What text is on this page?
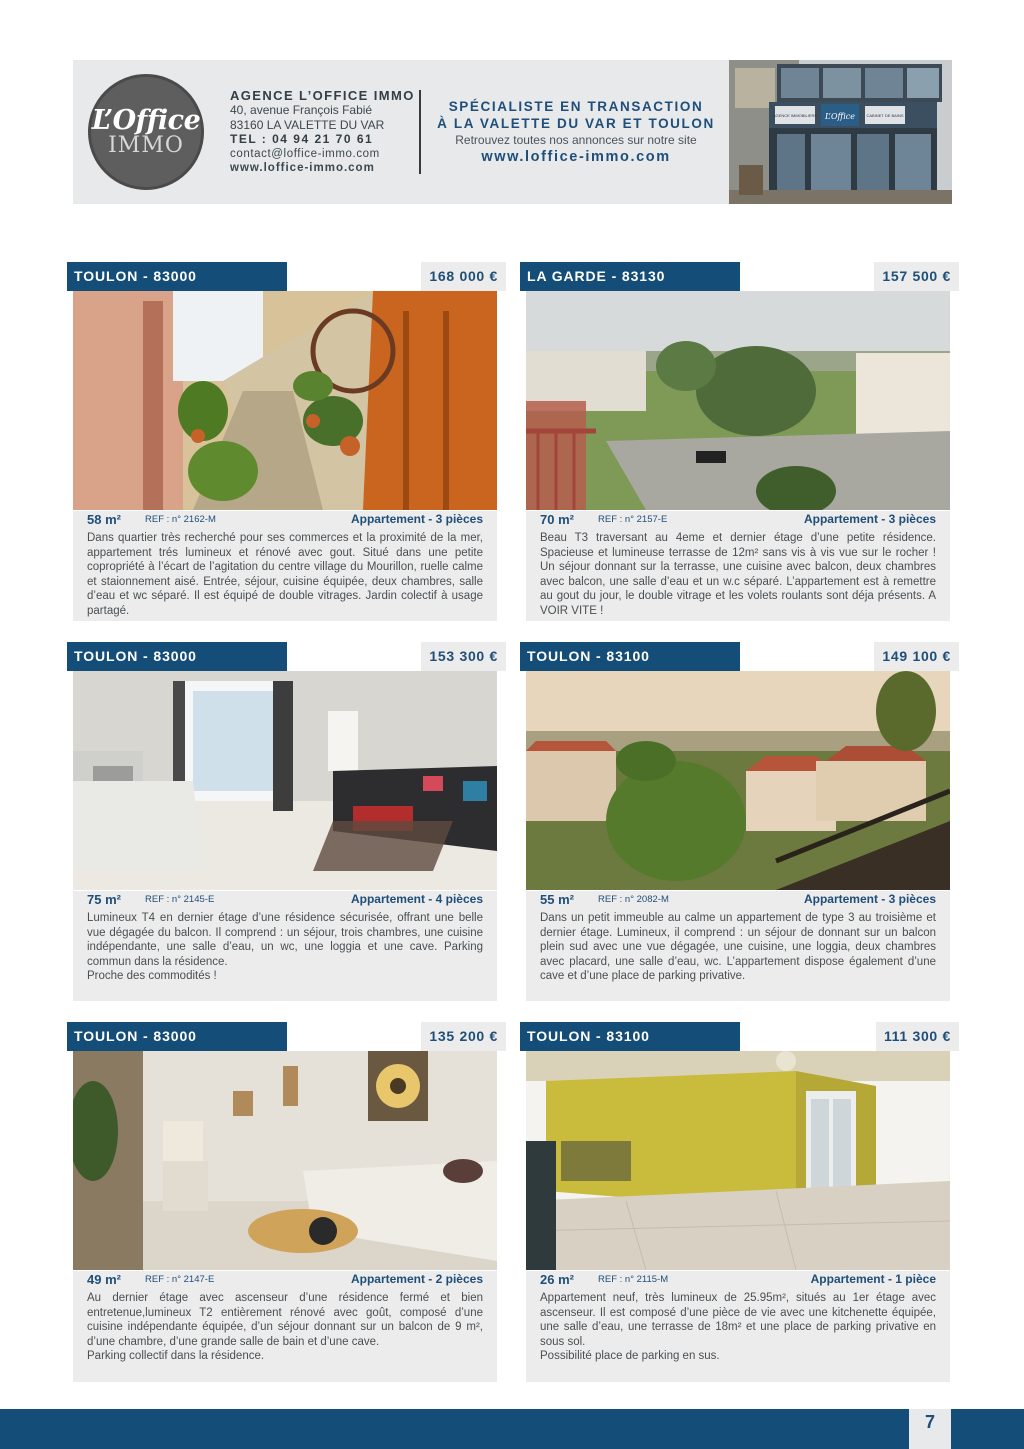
L’Office
IMMO
AGENCE L’OFFICE IMMO
40, avenue François Fabié
83160 LA VALETTE DU VAR
TEL : 04 94 21 70 61
contact@loffice-immo.com
www.loffice-immo.com
SPÉCIALISTE EN TRANSACTION
À LA VALETTE DU VAR ET TOULON
Retrouvez toutes nos annonces sur notre site
www.loffice-immo.com
AGENCE IMMOBILIERE L’Office	CABINET DE BAINS
TOULON - 83000	168 000 €
58 m²	REF : n° 2162-M	Appartement - 3 pièces
Dans quartier très recherché pour ses commerces et la proximité de la mer, appartement trés lumineux et rénové avec gout. Situé dans une petite copropriété à l’écart de l’agitation du centre village du Mourillon, ruelle calme et staionnement aisé. Entrée, séjour, cuisine équipée, deux chambres, salle d’eau et wc séparé. Il est équipé de double vitrages. Jardin colectif à usage partagé.
LA GARDE - 83130	157 500 €
70 m²	REF : n° 2157-E	Appartement - 3 pièces
Beau T3 traversant au 4eme et dernier étage d’une petite résidence. Spacieuse et lumineuse terrasse de 12m² sans vis à vis vue sur le rocher ! Un séjour donnant sur la terrasse, une cuisine avec balcon, deux chambres avec balcon, une salle d’eau et un w.c séparé. L’appartement est à remettre au gout du jour, le double vitrage et les volets roulants sont déja présents. A VOIR VITE !
TOULON - 83000	153 300 €
75 m²	REF : n° 2145-E	Appartement - 4 pièces
Lumineux T4 en dernier étage d’une résidence sécurisée, offrant une belle vue dégagée du balcon. Il comprend : un séjour, trois chambres, une cuisine indépendante, une salle d’eau, un wc, une loggia et une cave. Parking commun dans la résidence.
Proche des commodités !
TOULON - 83100	149 100 €
55 m²	REF : n° 2082-M	Appartement - 3 pièces
Dans un petit immeuble au calme un appartement de type 3 au troisième et dernier étage. Lumineux, il comprend : un séjour de donnant sur un balcon plein sud avec une vue dégagée, une cuisine, une loggia, deux chambres avec placard, une salle d’eau, wc. L’appartement dispose également d’une cave et d’une place de parking privative.
TOULON - 83000	135 200 €
49 m²	REF : n° 2147-E	Appartement - 2 pièces
Au dernier étage avec ascenseur d’une résidence fermé et bien entretenue,lumineux T2 entièrement rénové avec goût, composé d’une cuisine indépendante équipée, d’un séjour donnant sur un balcon de 9 m², d’une chambre, d’une grande salle de bain et d’une cave.
Parking collectif dans la résidence.
TOULON - 83100	111 300 €
26 m²	REF : n° 2115-M	Appartement - 1 pièce
Appartement neuf, très lumineux de 25.95m², situés au 1er étage avec ascenseur. Il est composé d’une pièce de vie avec une kitchenette équipée, une salle d’eau, une terrasse de 18m² et une place de parking privative en sous sol.
Possibilité place de parking en sus.
7
